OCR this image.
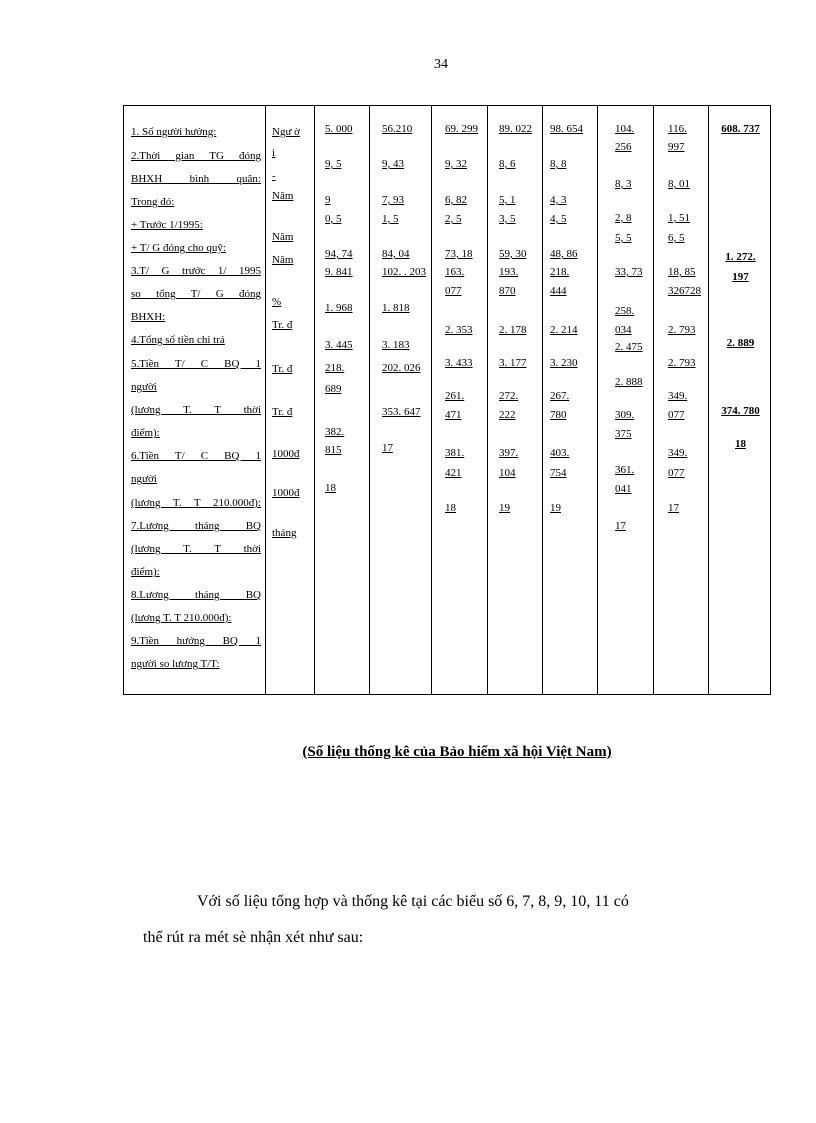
34
1. Số người hưởng:
2.Thời gian TG đóng
BHXH bình quân:
Trong đó:
+ Trước 1/1995:
+ T/ G đóng cho quỹ:
3.T/ G trước 1/ 1995
so tổng T/ G đóng
BHXH:
4.Tổng số tiền chi trả
5.Tiền T/ C BQ 1
người
(lương T. T thời
điểm):
6.Tiền T/ C BQ 1
người
(lương T. T 210.000đ):
7.Lương tháng BQ
(lương T. T thời
điểm):
8.Lương tháng BQ
(lương T. T 210.000đ):
9.Tiền hưởng BQ 1
người so lương T/T:
Ngư ờ
i
-
Năm
Năm
Năm
%
Tr. đ
Tr. đ
Tr. đ
1000đ
1000đ
tháng
5. 000
9, 5
9
0, 5
94, 74
9. 841
1. 968
3. 445
218.
689
382.
815
18
56.210
9, 43
7, 93
1, 5
84, 04
102. . 203
1. 818
3. 183
202. 026
353. 647
17
69. 299
9, 32
6, 82
2, 5
73, 18
163.
077
2. 353
3. 433
261.
471
381.
421
18
89. 022
8, 6
5, 1
3, 5
59, 30
193.
870
2. 178
3. 177
272.
222
397.
104
19
98. 654
8, 8
4, 3
4, 5
48, 86
218.
444
2. 214
3. 230
267.
780
403.
754
19
104.
256
8, 3
2, 8
5, 5
33, 73
258.
034
2. 475
2. 888
309.
375
361.
041
17
116.
997
8, 01
1, 51
6, 5
18, 85
326728
2. 793
2. 793
349.
077
349.
077
17
608. 737
1. 272.
197
2. 889
374. 780
18
(Số liệu thống kê của Bảo hiểm xã hội Việt Nam)
Với số liệu tổng hợp và thống kê tại các biểu số 6, 7, 8, 9, 10, 11 có
thể rút ra mét sè nhận xét như sau:
